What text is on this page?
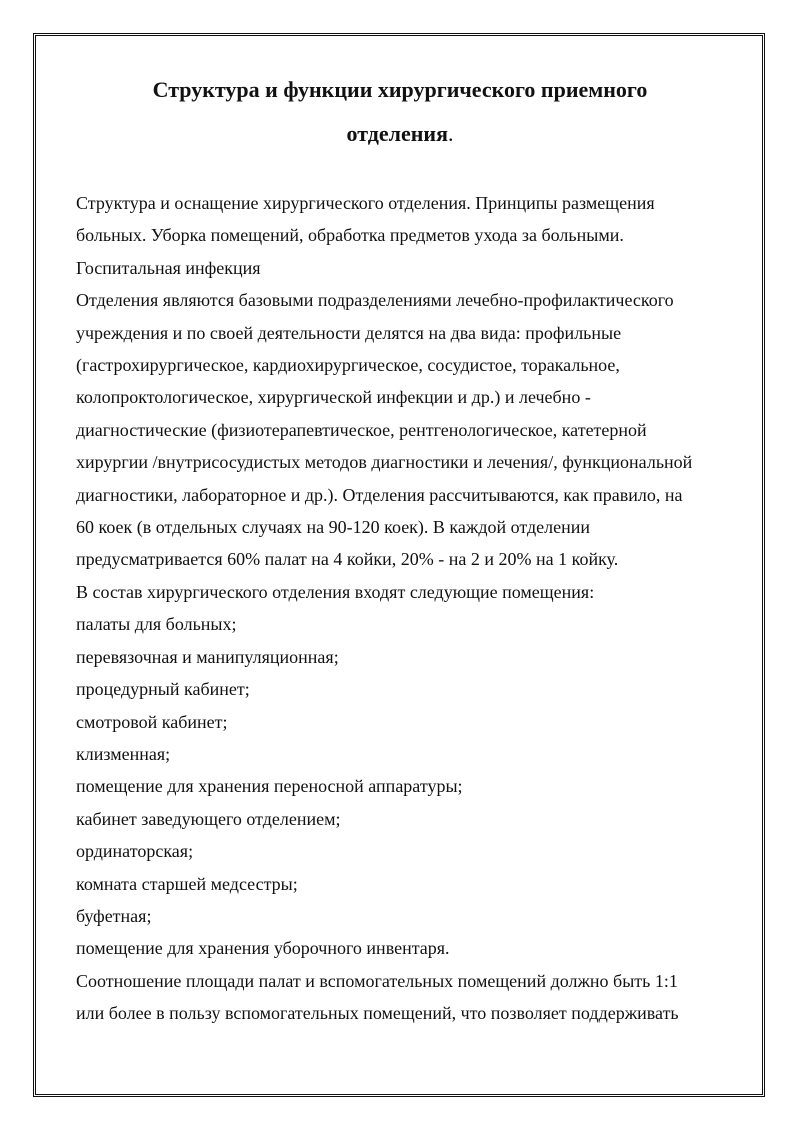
Структура и функции хирургического приемного
отделения.
Структура и оснащение хирургического отделения. Принципы размещения
больных. Уборка помещений, обработка предметов ухода за больными.
Госпитальная инфекция
Отделения являются базовыми подразделениями лечебно-профилактического
учреждения и по своей деятельности делятся на два вида: профильные
(гастрохирургическое, кардиохирургическое, сосудистое, торакальное,
колопроктологическое, хирургической инфекции и др.) и лечебно -
диагностические (физиотерапевтическое, рентгенологическое, катетерной
хирургии /внутрисосудистых методов диагностики и лечения/, функциональной
диагностики, лабораторное и др.). Отделения рассчитываются, как правило, на
60 коек (в отдельных случаях на 90-120 коек). В каждой отделении
предусматривается 60% палат на 4 койки, 20% - на 2 и 20% на 1 койку.
В состав хирургического отделения входят следующие помещения:
палаты для больных;
перевязочная и манипуляционная;
процедурный кабинет;
смотровой кабинет;
клизменная;
помещение для хранения переносной аппаратуры;
кабинет заведующего отделением;
ординаторская;
комната старшей медсестры;
буфетная;
помещение для хранения уборочного инвентаря.
Соотношение площади палат и вспомогательных помещений должно быть 1:1
или более в пользу вспомогательных помещений, что позволяет поддерживать
